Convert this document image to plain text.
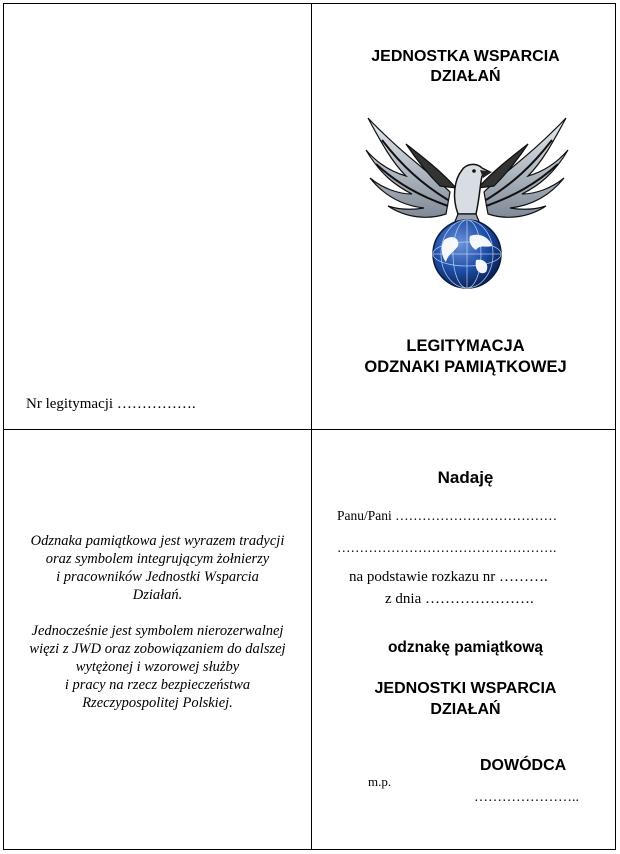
Nr legitymacji …………….
JEDNOSTKA WSPARCIA
DZIAŁAŃ
LEGITYMACJA
ODZNAKI PAMIĄTKOWEJ
Odznaka pamiątkowa jest wyrazem tradycji
oraz symbolem integrującym żołnierzy
i pracowników Jednostki Wsparcia
Działań.
Jednocześnie jest symbolem nierozerwalnej
więzi z JWD oraz zobowiązaniem do dalszej
wytężonej i wzorowej służby
i pracy na rzecz bezpieczeństwa
Rzeczypospolitej Polskiej.
Nadaję
Panu/Pani ………………………………
………………………………………….
na podstawie rozkazu nr ……….
z dnia ………………….
odznakę pamiątkową
JEDNOSTKI WSPARCIA
DZIAŁAŃ
DOWÓDCA
m.p.
…………………..
